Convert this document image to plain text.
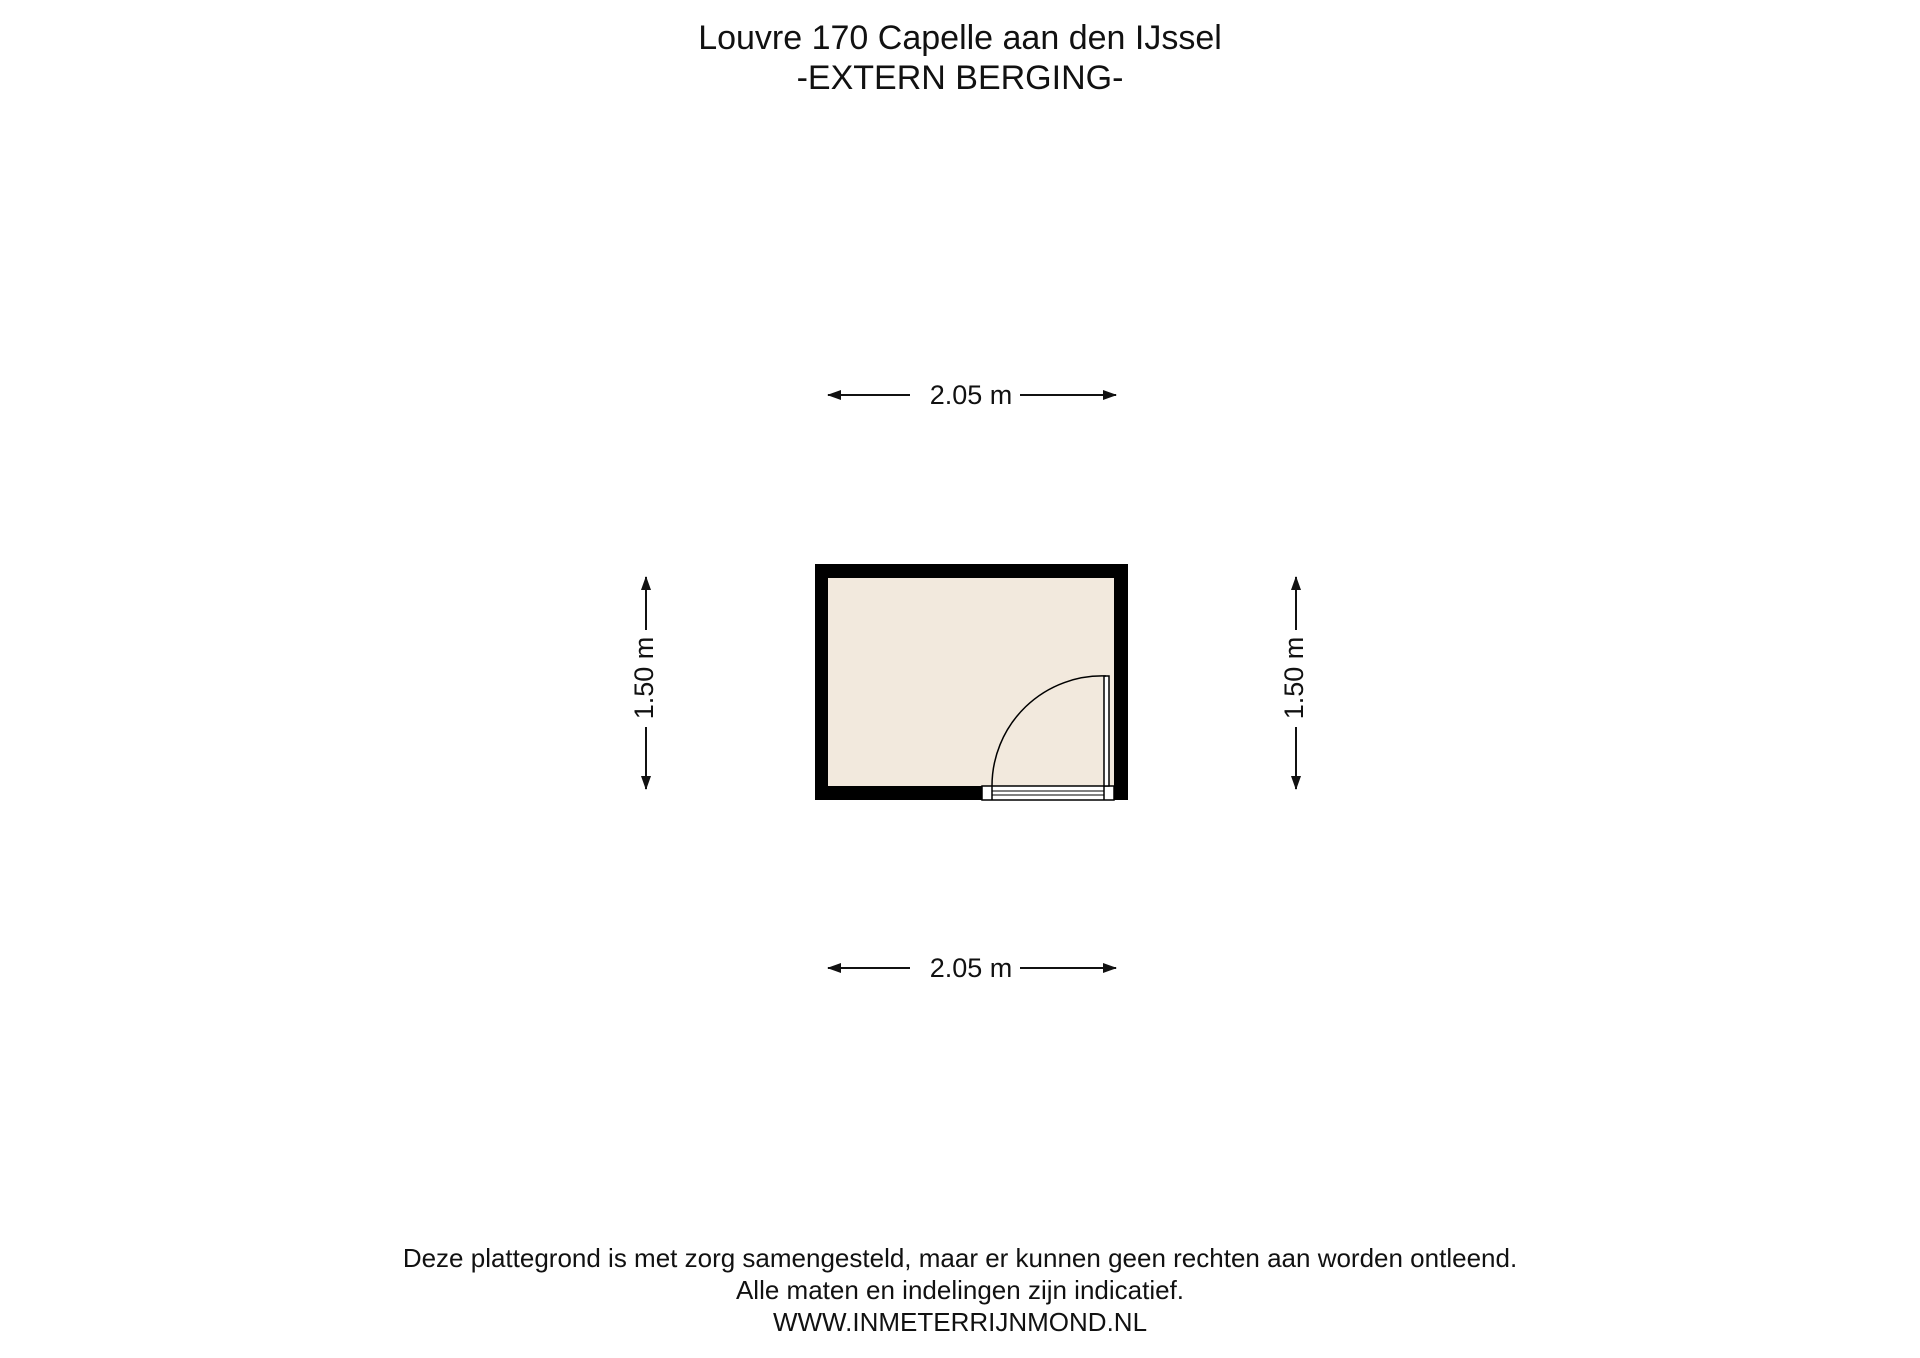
Louvre 170 Capelle aan den IJssel
-EXTERN BERGING-
2.05 m
1.50 m	1.50 m
2.05 m
Deze plattegrond is met zorg samengesteld, maar er kunnen geen rechten aan worden ontleend.
Alle maten en indelingen zijn indicatief.
WWW.INMETERRIJNMOND.NL
